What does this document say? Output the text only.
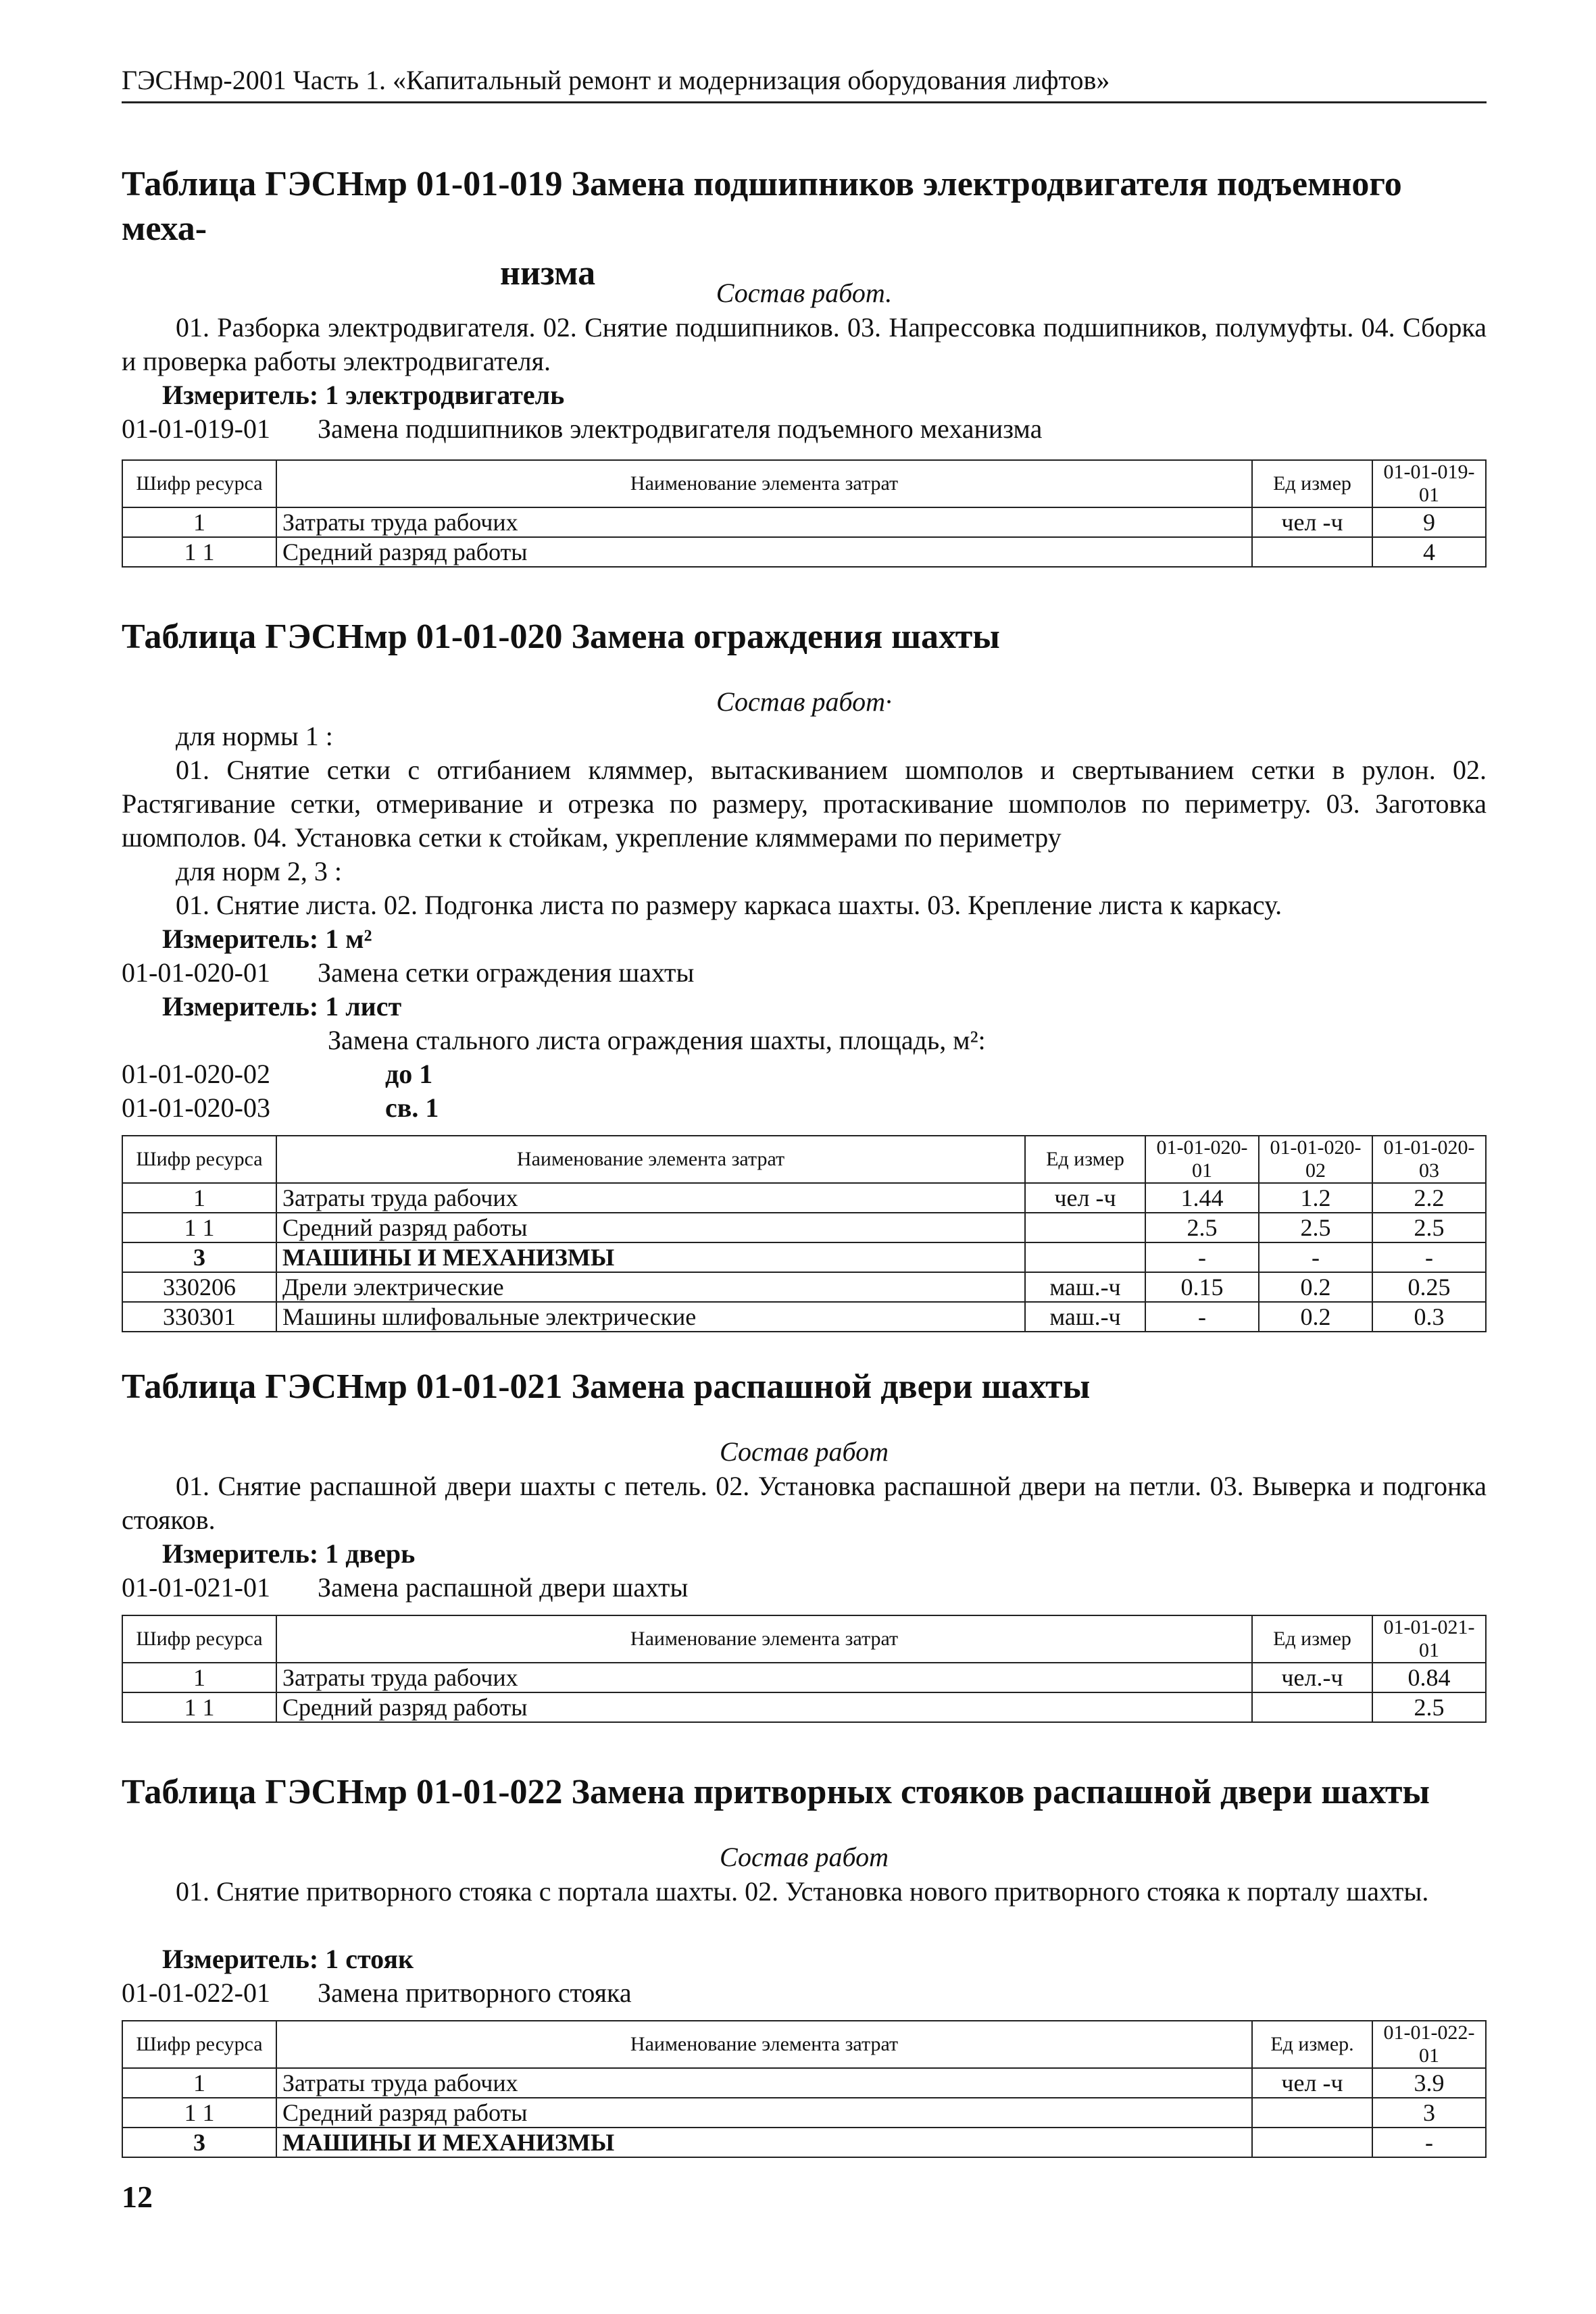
ГЭСНмр-2001 Часть 1. «Капитальный ремонт и модернизация оборудования лифтов»
Таблица ГЭСНмр 01-01-019 Замена подшипников электродвигателя подъемного меха-
низма
Состав работ.
01. Разборка электродвигателя. 02. Снятие подшипников. 03. Напрессовка подшипников, полумуфты. 04. Сборка и проверка работы электродвигателя.
Измеритель: 1 электродвигатель
01-01-019-01 Замена подшипников электродвигателя подъемного механизма
Шифр ресурса	Наименование элемента затрат	Ед измер	01-01-019-01
1	Затраты труда рабочих	чел -ч	9
1 1	Средний разряд работы		4
Таблица ГЭСНмр 01-01-020 Замена ограждения шахты
Состав работ·
для нормы 1 :
01. Снятие сетки с отгибанием кляммер, вытаскиванием шомполов и свертыванием сетки в рулон. 02. Растягивание сетки, отмеривание и отрезка по размеру, протаскивание шомполов по периметру. 03. Заготовка шомполов. 04. Установка сетки к стойкам, укрепление кляммерами по периметру
для норм 2, 3 :
01. Снятие листа. 02. Подгонка листа по размеру каркаса шахты. 03. Крепление листа к каркасу.
Измеритель: 1 м²
01-01-020-01 Замена сетки ограждения шахты
Измеритель: 1 лист
Замена стального листа ограждения шахты, площадь, м²:
01-01-020-02	до 1
01-01-020-03	св. 1
Шифр ресурса	Наименование элемента затрат	Ед измер	01-01-020-01	01-01-020-02	01-01-020-03
1	Затраты труда рабочих	чел -ч	1.44	1.2	2.2
1 1	Средний разряд работы		2.5	2.5	2.5
3	МАШИНЫ И МЕХАНИЗМЫ		-	-	-
330206	Дрели электрические	маш.-ч	0.15	0.2	0.25
330301	Машины шлифовальные электрические	маш.-ч	-	0.2	0.3
Таблица ГЭСНмр 01-01-021 Замена распашной двери шахты
Состав работ
01. Снятие распашной двери шахты с петель. 02. Установка распашной двери на петли. 03. Выверка и подгонка стояков.
Измеритель: 1 дверь
01-01-021-01 Замена распашной двери шахты
Шифр ресурса	Наименование элемента затрат	Ед измер	01-01-021-01
1	Затраты труда рабочих	чел.-ч	0.84
1 1	Средний разряд работы		2.5
Таблица ГЭСНмр 01-01-022 Замена притворных стояков распашной двери шахты
Состав работ
01. Снятие притворного стояка с портала шахты. 02. Установка нового притворного стояка к порталу шахты.
Измеритель: 1 стояк
01-01-022-01 Замена притворного стояка
Шифр ресурса	Наименование элемента затрат	Ед измер.	01-01-022-01
1	Затраты труда рабочих	чел -ч	3.9
1 1	Средний разряд работы		3
3	МАШИНЫ И МЕХАНИЗМЫ		-
12
